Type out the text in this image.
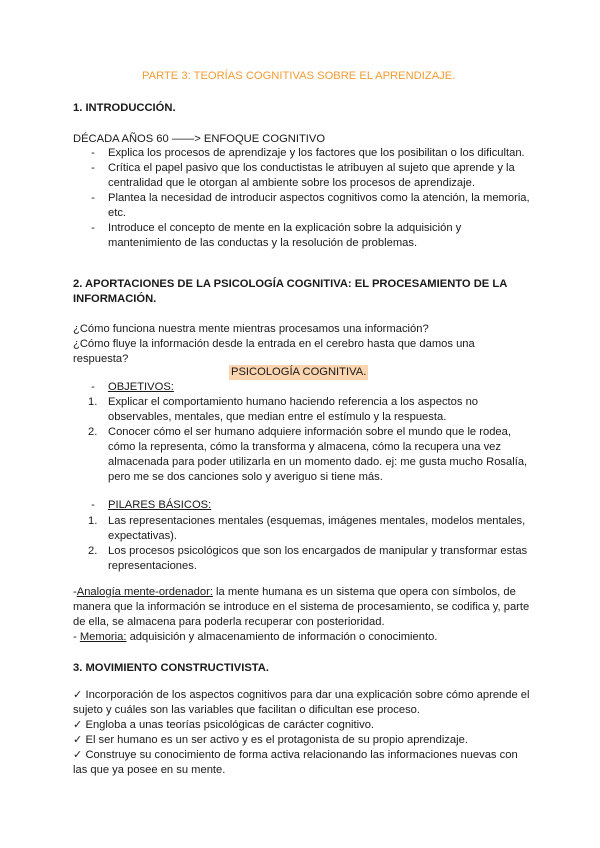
PARTE 3: TEORÍAS COGNITIVAS SOBRE EL APRENDIZAJE.
1. INTRODUCCIÓN.
DÉCADA AÑOS 60 ——> ENFOQUE COGNITIVO
-	Explica los procesos de aprendizaje y los factores que los posibilitan o los dificultan.
-	Crítica el papel pasivo que los conductistas le atribuyen al sujeto que aprende y la
centralidad que le otorgan al ambiente sobre los procesos de aprendizaje.
-	Plantea la necesidad de introducir aspectos cognitivos como la atención, la memoria,
etc.
-	Introduce el concepto de mente en la explicación sobre la adquisición y
mantenimiento de las conductas y la resolución de problemas.
2. APORTACIONES DE LA PSICOLOGÍA COGNITIVA: EL PROCESAMIENTO DE LA
INFORMACIÓN.
¿Cómo funciona nuestra mente mientras procesamos una información?
¿Cómo fluye la información desde la entrada en el cerebro hasta que damos una
respuesta?
PSICOLOGÍA COGNITIVA.
-	OBJETIVOS:
1. Explicar el comportamiento humano haciendo referencia a los aspectos no
observables, mentales, que median entre el estímulo y la respuesta.
2. Conocer cómo el ser humano adquiere información sobre el mundo que le rodea,
cómo la representa, cómo la transforma y almacena, cómo la recupera una vez
almacenada para poder utilizarla en un momento dado. ej: me gusta mucho Rosalía,
pero me se dos canciones solo y averiguo si tiene más.
-	PILARES BÁSICOS:
1. Las representaciones mentales (esquemas, imágenes mentales, modelos mentales,
expectativas).
2. Los procesos psicológicos que son los encargados de manipular y transformar estas
representaciones.
-Analogía mente-ordenador: la mente humana es un sistema que opera con símbolos, de
manera que la información se introduce en el sistema de procesamiento, se codifica y, parte
de ella, se almacena para poderla recuperar con posterioridad.
- Memoria: adquisición y almacenamiento de información o conocimiento.
3. MOVIMIENTO CONSTRUCTIVISTA.
✓ Incorporación de los aspectos cognitivos para dar una explicación sobre cómo aprende el
sujeto y cuáles son las variables que facilitan o dificultan ese proceso.
✓ Engloba a unas teorías psicológicas de carácter cognitivo.
✓ El ser humano es un ser activo y es el protagonista de su propio aprendizaje.
✓ Construye su conocimiento de forma activa relacionando las informaciones nuevas con
las que ya posee en su mente.
